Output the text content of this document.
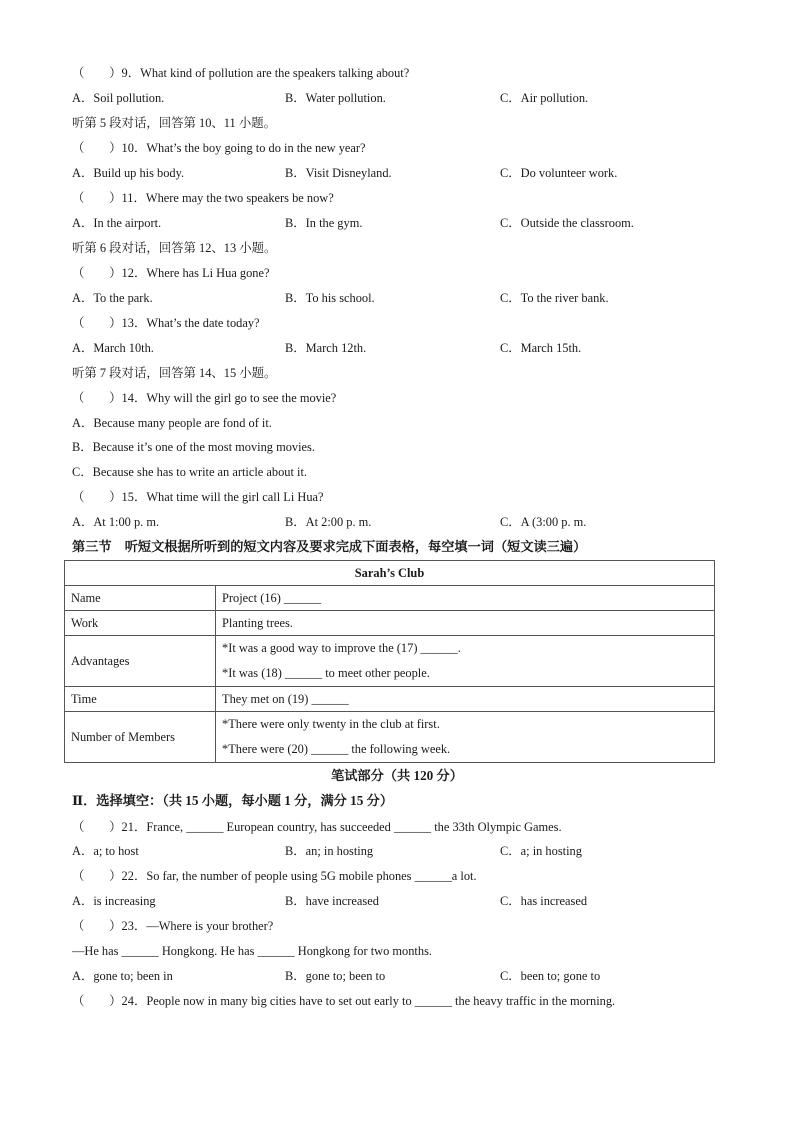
（　　）9．What kind of pollution are the speakers talking about?
A．Soil pollution.	B．Water pollution.	C．Air pollution.
听第 5 段对话，回答第 10、11 小题。
（　　）10．What’s the boy going to do in the new year?
A．Build up his body.	B．Visit Disneyland.	C．Do volunteer work.
（　　）11．Where may the two speakers be now?
A．In the airport.	B．In the gym.	C．Outside the classroom.
听第 6 段对话，回答第 12、13 小题。
（　　）12．Where has Li Hua gone?
A．To the park.	B．To his school.	C．To the river bank.
（　　）13．What’s the date today?
A．March 10th.	B．March 12th.	C．March 15th.
听第 7 段对话，回答第 14、15 小题。
（　　）14．Why will the girl go to see the movie?
A．Because many people are fond of it.
B．Because it’s one of the most moving movies.
C．Because she has to write an article about it.
（　　）15．What time will the girl call Li Hua?
A．At 1:00 p. m.	B．At 2:00 p. m.	C．A (3:00 p. m.
第三节　听短文根据所听到的短文内容及要求完成下面表格，每空填一词（短文读三遍）
Sarah’s Club	
Name	Project (16) ______
Work	Planting trees.
Advantages	*It was a good way to improve the (17) ______.
*It was (18) ______ to meet other people.

Time	They met on (19) ______
Number of Members	*There were only twenty in the club at first.
*There were (20) ______ the following week.
笔试部分（共 120 分）
Ⅱ．选择填空：（共 15 小题，每小题 1 分，满分 15 分）
（　　）21．France, ______ European country, has succeeded ______ the 33th Olympic Games.
A．a; to host	B．an; in hosting	C．a; in hosting
（　　）22．So far, the number of people using 5G mobile phones ______a lot.
A．is increasing	B．have increased	C．has increased
（　　）23．—Where is your brother?
—He has ______ Hongkong. He has ______ Hongkong for two months.
A．gone to; been in	B．gone to; been to	C．been to; gone to
（　　）24．People now in many big cities have to set out early to ______ the heavy traffic in the morning.
